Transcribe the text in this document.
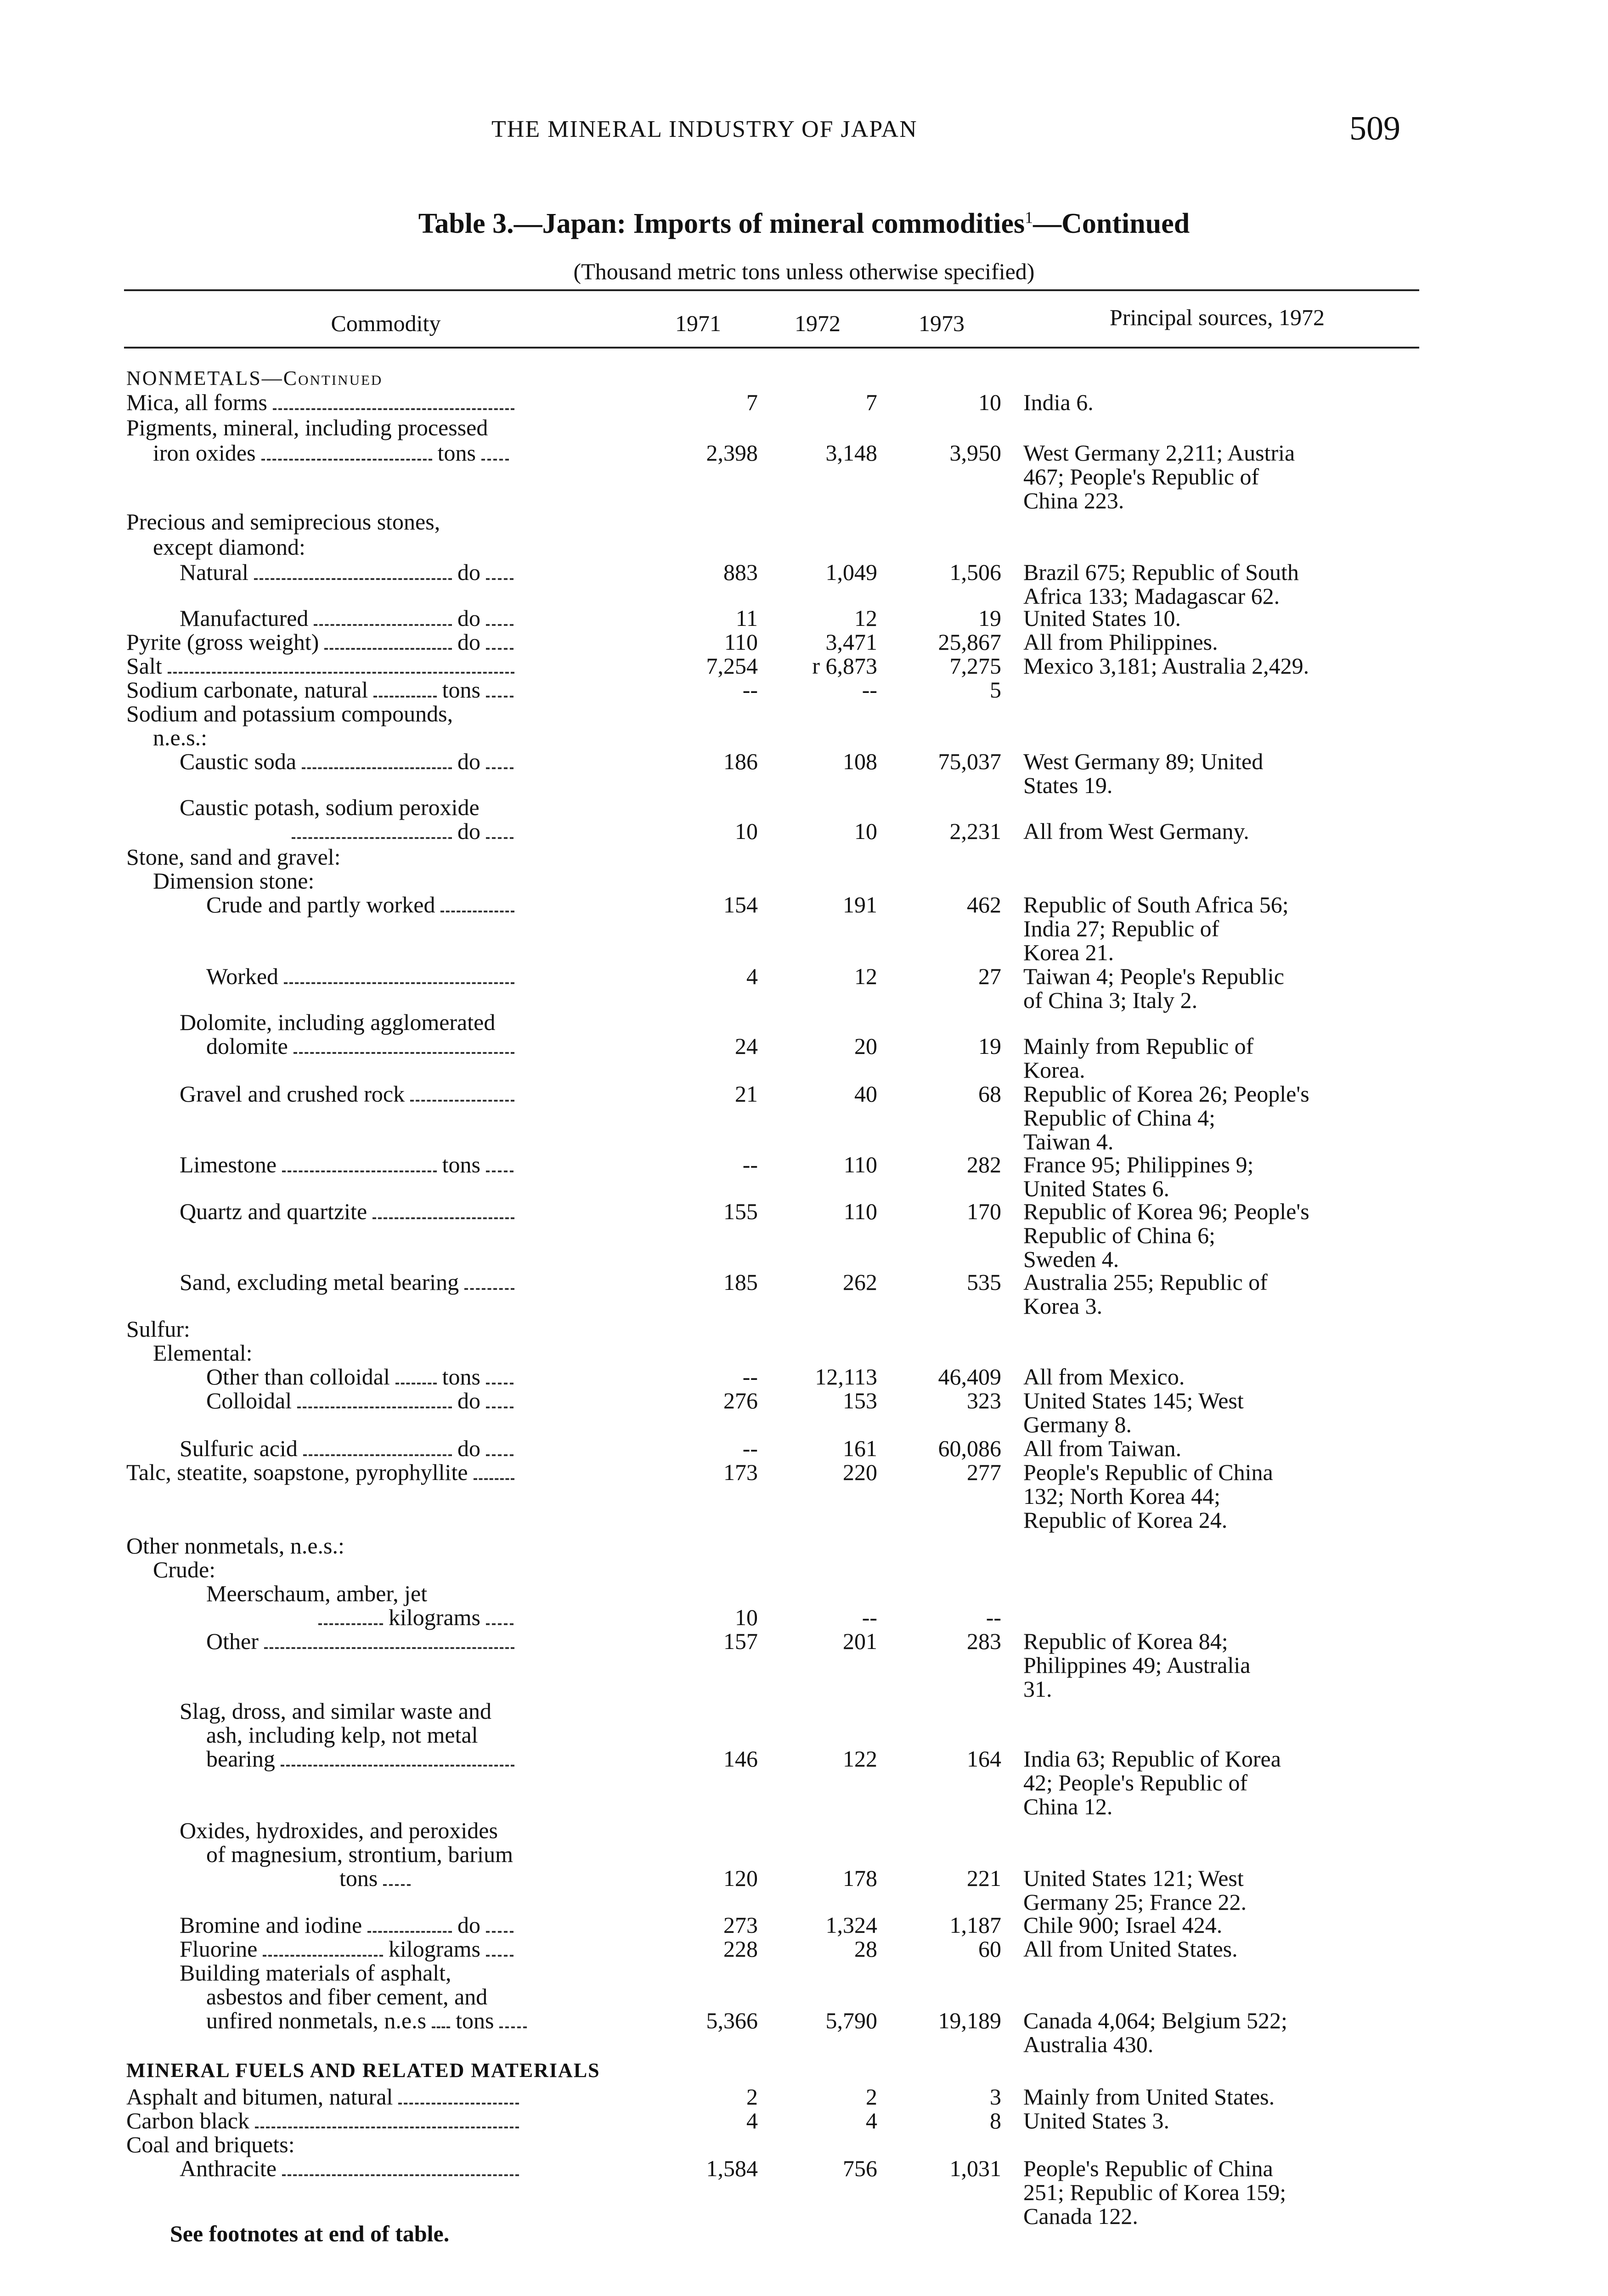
THE MINERAL INDUSTRY OF JAPAN	509
Table 3.—Japan: Imports of mineral commodities$^1$—Continued
(Thousand metric tons unless otherwise specified)
Commodity	1971	1972	1973	Principal sources, 1972
NONMETALS—Continued
Mica, all forms	7	7	10 India 6.
Pigments, mineral, including processed
iron oxides	tons	2,398	3,148	3,950 West Germany 2,211; Austria
467; People's Republic of
China 223.
Precious and semiprecious stones,
except diamond:
Natural	do	883	1,049	1,506 Brazil 675; Republic of South
Africa 133; Madagascar 62.
Manufactured	do	11	12	19 United States 10.
Pyrite (gross weight)	do	110	3,471	25,867 All from Philippines.
Salt	7,254	r 6,873	7,275 Mexico 3,181; Australia 2,429.
Sodium carbonate, natural	tons	--	--	5
Sodium and potassium compounds,
n.e.s.:
Caustic soda	do	186	108	75,037 West Germany 89; United
States 19.
Caustic potash, sodium peroxide
do	10	10	2,231 All from West Germany.
Stone, sand and gravel:
Dimension stone:
Crude and partly worked	154	191	462 Republic of South Africa 56;
India 27; Republic of
Korea 21.
Worked	4	12	27 Taiwan 4; People's Republic
of China 3; Italy 2.
Dolomite, including agglomerated
dolomite	24	20	19 Mainly from Republic of
Korea.
Gravel and crushed rock	21	40	68 Republic of Korea 26; People's
Republic of China 4;
Taiwan 4.
Limestone	tons	--	110	282 France 95; Philippines 9;
United States 6.
Quartz and quartzite	155	110	170 Republic of Korea 96; People's
Republic of China 6;
Sweden 4.
Sand, excluding metal bearing	185	262	535 Australia 255; Republic of
Korea 3.
Sulfur:
Elemental:
Other than colloidal tons	--	12,113	46,409 All from Mexico.
Colloidal	do	276	153	323 United States 145; West
Germany 8.
Sulfuric acid	do	--	161	60,086 All from Taiwan.
Talc, steatite, soapstone, pyrophyllite	173	220	277 People's Republic of China
132; North Korea 44;
Republic of Korea 24.
Other nonmetals, n.e.s.:
Crude:
Meerschaum, amber, jet
kilograms	10	--	--
Other	157	201	283 Republic of Korea 84;
Philippines 49; Australia
31.
Slag, dross, and similar waste and
ash, including kelp, not metal
bearing	146	122	164 India 63; Republic of Korea
42; People's Republic of
China 12.
Oxides, hydroxides, and peroxides
of magnesium, strontium, barium
tons	120	178	221 United States 121; West
Germany 25; France 22.
Bromine and iodine	do	273	1,324	1,187 Chile 900; Israel 424.
Fluorine	kilograms	228	28	60 All from United States.
Building materials of asphalt,
asbestos and fiber cement, and
unfired nonmetals, n.e.s tons	5,366	5,790	19,189 Canada 4,064; Belgium 522;
Australia 430.
MINERAL FUELS AND RELATED MATERIALS
Asphalt and bitumen, natural	2	2	3 Mainly from United States.
Carbon black	4	4	8 United States 3.
Coal and briquets:
Anthracite	1,584	756	1,031 People's Republic of China
251; Republic of Korea 159;
Canada 122.
See footnotes at end of table.
